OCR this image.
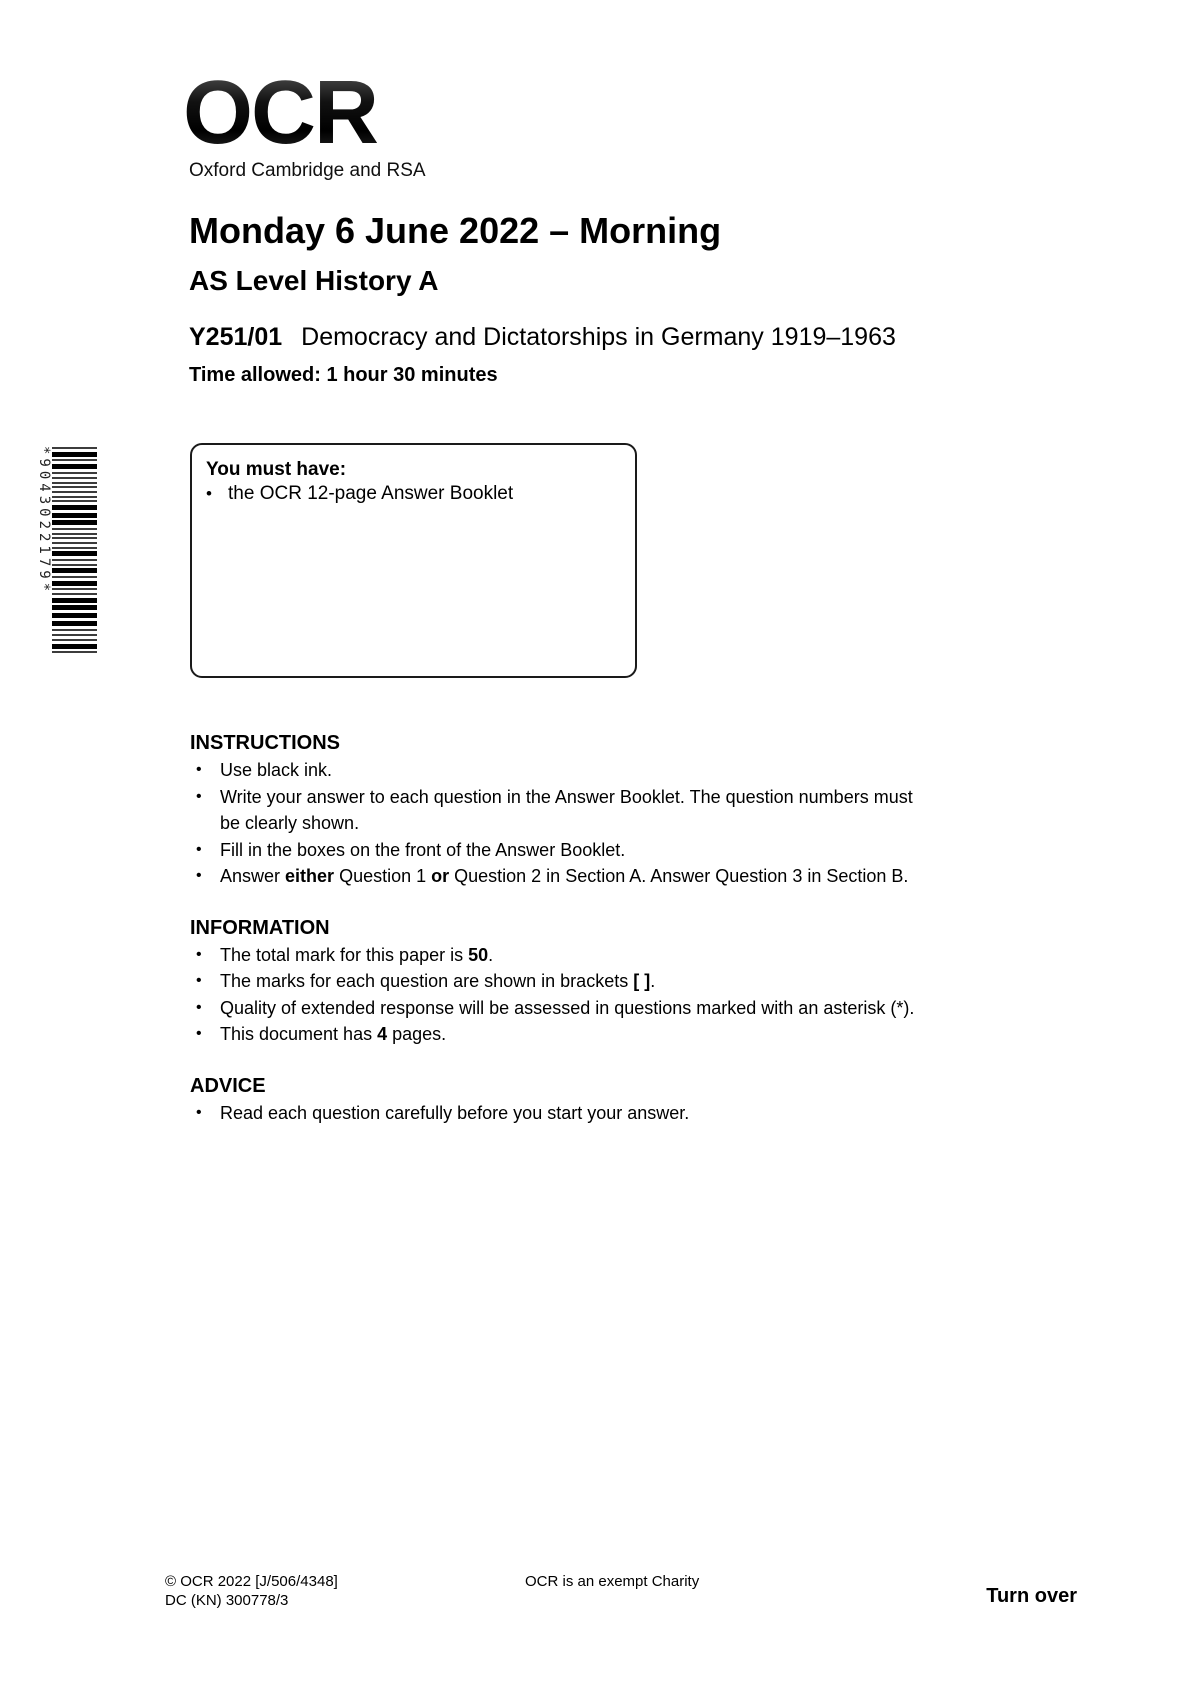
OCR
Oxford Cambridge and RSA
Monday 6 June 2022 – Morning
AS Level History A
Y251/01 Democracy and Dictatorships in Germany 1919–1963
Time allowed: 1 hour 30 minutes
*9043022179*	You must have:
• the OCR 12-page Answer Booklet
INSTRUCTIONS
•	Use black ink.
•	Write your answer to each question in the Answer Booklet. The question numbers must
be clearly shown.
•	Fill in the boxes on the front of the Answer Booklet.
•	Answer either Question 1 or Question 2 in Section A. Answer Question 3 in Section B.
INFORMATION
•	The total mark for this paper is 50.
•	The marks for each question are shown in brackets [ ].
•	Quality of extended response will be assessed in questions marked with an asterisk (*).
•	This document has 4 pages.
ADVICE
•	Read each question carefully before you start your answer.
© OCR 2022 [J/506/4348]
DC (KN) 300778/3
OCR is an exempt Charity
Turn over
